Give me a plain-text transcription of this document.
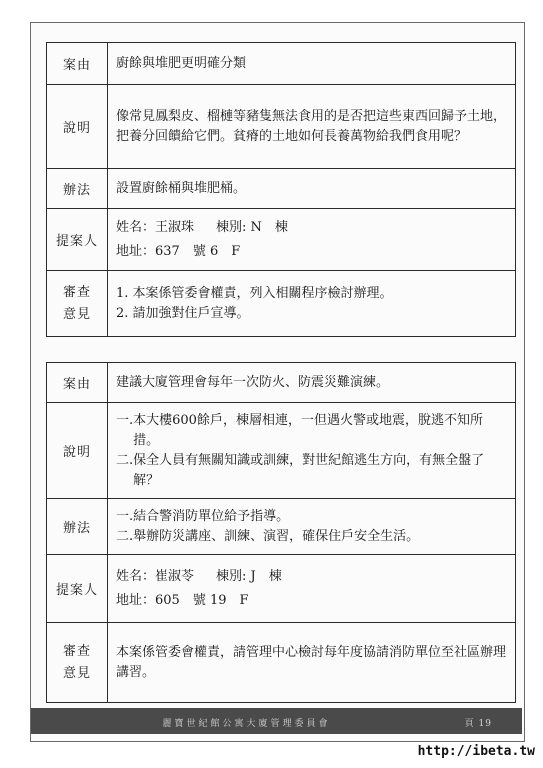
案由	廚餘與堆肥更明確分類
說明	像常見鳳梨皮、榴槤等豬隻無法食用的是否把這些東西回歸予土地，把養分回饋給它們。貧瘠的土地如何長養萬物給我們食用呢？
辦法	設置廚餘桶與堆肥桶。
提案人	姓名：王淑珠 棟別: N　棟
地址：637　號 6　F

審查
意見	1. 本案係管委會權責，列入相關程序檢討辦理。
2. 請加強對住戶宣導。
案由	建議大廈管理會每年一次防火、防震災難演練。
說明	一. 本大樓600餘戶，棟層相連，一但遇火警或地震，脫逃不知所措。
二. 保全人員有無關知識或訓練，對世紀館逃生方向，有無全盤了解？

辦法	一. 結合警消防單位給予指導。
二. 舉辦防災講座、訓練、演習，確保住戶安全生活。

提案人	姓名：崔淑苓 棟別: J　棟
地址：605　號 19　F

審查
意見	本案係管委會權責，請管理中心檢討每年度協請消防單位至社區辦理講習。
麗寶世紀館公寓大廈管理委員會	頁 19
http://ibeta.tw
